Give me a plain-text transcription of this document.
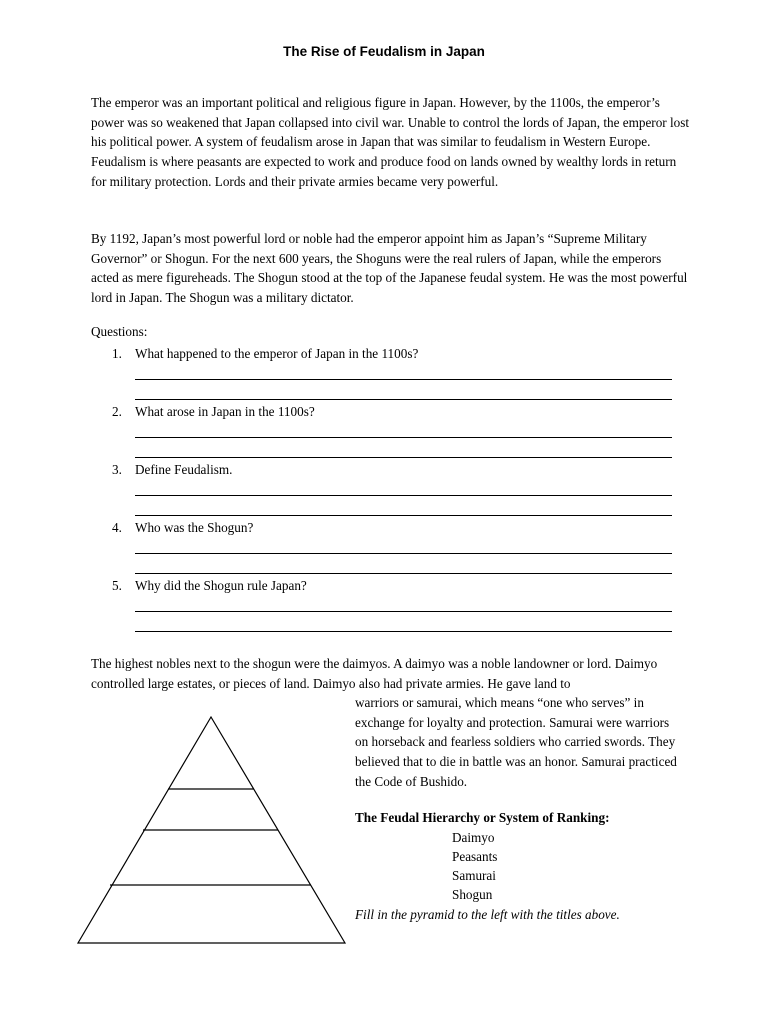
The Rise of Feudalism in Japan

The emperor was an important political and religious figure in Japan. However, by the 1100s, the emperor’s power was so weakened that Japan collapsed into civil war. Unable to control the lords of Japan, the emperor lost his political power. A system of feudalism arose in Japan that was similar to feudalism in Western Europe. Feudalism is where peasants are expected to work and produce food on lands owned by wealthy lords in return for military protection. Lords and their private armies became very powerful.

By 1192, Japan’s most powerful lord or noble had the emperor appoint him as Japan’s “Supreme Military Governor” or Shogun. For the next 600 years, the Shoguns were the real rulers of Japan, while the emperors acted as mere figureheads. The Shogun stood at the top of the Japanese feudal system. He was the most powerful lord in Japan. The Shogun was a military dictator.

Questions:
1. What happened to the emperor of Japan in the 1100s?
2. What arose in Japan in the 1100s?
3. Define Feudalism.
4. Who was the Shogun?
5. Why did the Shogun rule Japan?

The highest nobles next to the shogun were the daimyos. A daimyo was a noble landowner or lord. Daimyo controlled large estates, or pieces of land. Daimyo also had private armies. He gave land to

warriors or samurai, which means “one who serves” in exchange for loyalty and protection. Samurai were warriors on horseback and fearless soldiers who carried swords. They believed that to die in battle was an honor. Samurai practiced the Code of Bushido.

The Feudal Hierarchy or System of Ranking:
Daimyo
Peasants
Samurai
Shogun
Fill in the pyramid to the left with the titles above.
